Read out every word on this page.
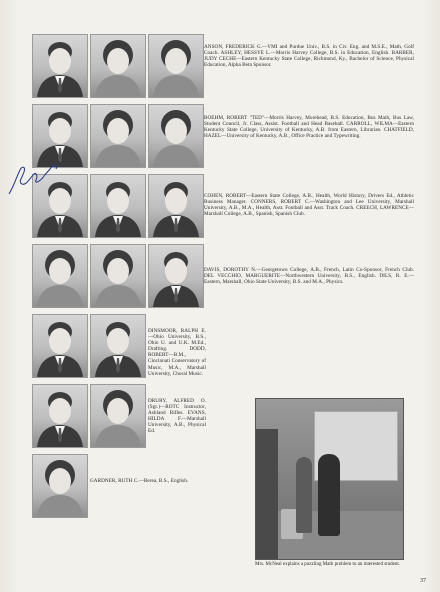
ANSON, FREDERICK G.—VMI and Purdue Univ., B.S. in Civ. Eng. and M.S.E., Math, Golf Coach. ASHLEY, HESSYE L.—Morris Harvey College, B.S. in Education, English. BARBER, JUDY CECHE—Eastern Kentucky State College, Richmond, Ky., Bachelor of Science, Physical Education, Alpha Beta Sponsor.
BOEHM, ROBERT "TED"—Morris Harvey, Morehead, B.S. Education, Bus Math, Bus Law, Student Council, Jr. Class, Assist. Football and Head Baseball. CARROLL, WILMA—Eastern Kentucky State College, University of Kentucky, A.B. from Eastern, Librarian. CHATFIELD, HAZEL—University of Kentucky, A.B., Office Practice and Typewriting.
COHEN, ROBERT—Eastern State College, A.B., Health, World History, Drivers Ed., Athletic Business Manager. CONNERS, ROBERT C.—Washington and Lee University, Marshall University, A.B., M.A., Health, Asst. Football and Asst. Track Coach. CREECH, LAWRENCE—Marshall College, A.B., Spanish, Spanish Club.
DAVIS, DOROTHY N.—Georgetown College, A.B., French, Latin Co-Sponsor, French Club. DEL VECCHIO, MARGUERITE—Northwestern University, B.S., English. DILS, R. E.—Eastern, Marshall, Ohio State University, B.S. and M.A., Physics.
DINSMOOR, RALPH E.—Ohio University, B.S., Ohio U. and U.K. M.Ed., Drafting. DODD, ROBERT—B.M., Cincinnati Conservatory of Music, M.A., Marshall University, Choral Music.
DRURY, ALFRED O. (Sgt.)—ROTC Instructor, Ashland Rifles. EVANS, HILDA F.—Marshall University, A.B., Physical Ed.
GARDNER, RUTH C.—Berea, B.S., English.
Mrs. McNeal explains a puzzling Math problem to an interested student.
37
